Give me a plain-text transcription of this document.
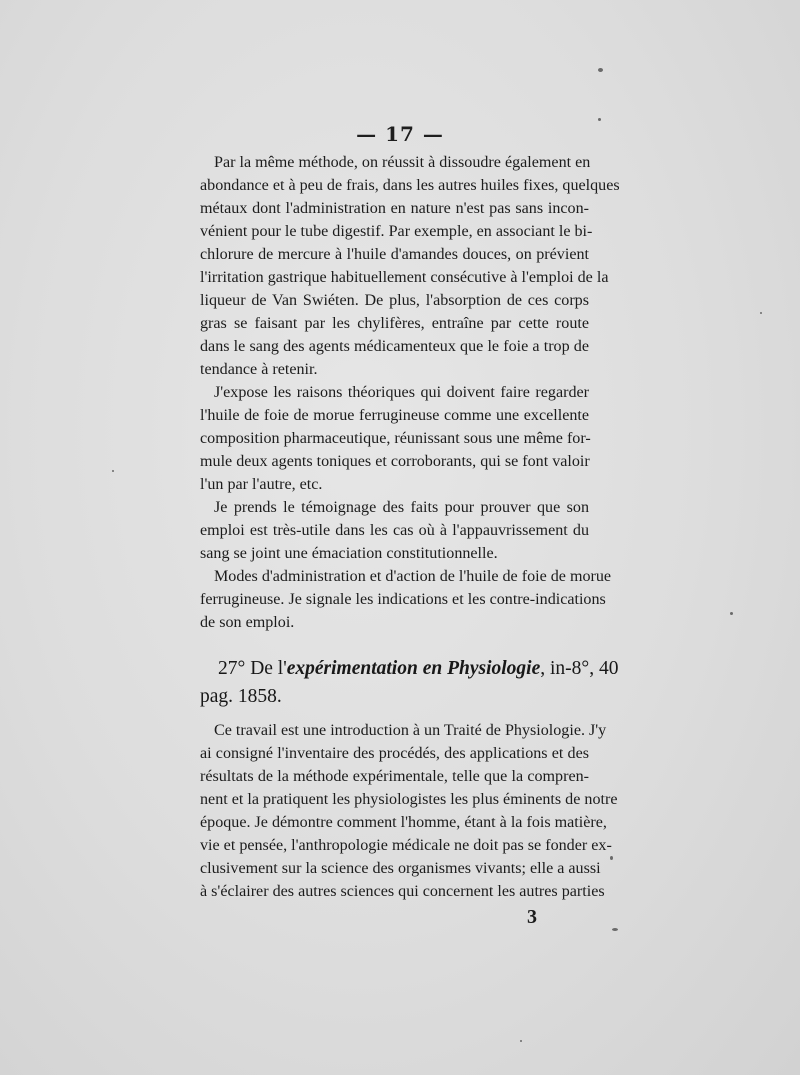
— 17 —
Par la même méthode, on réussit à dissoudre également en
abondance et à peu de frais, dans les autres huiles fixes, quelques
métaux dont l'administration en nature n'est pas sans incon-
vénient pour le tube digestif. Par exemple, en associant le bi-
chlorure de mercure à l'huile d'amandes douces, on prévient
l'irritation gastrique habituellement consécutive à l'emploi de la
liqueur de Van Swiéten. De plus, l'absorption de ces corps
gras se faisant par les chylifères, entraîne par cette route
dans le sang des agents médicamenteux que le foie a trop de
tendance à retenir.
J'expose les raisons théoriques qui doivent faire regarder
l'huile de foie de morue ferrugineuse comme une excellente
composition pharmaceutique, réunissant sous une même for-
mule deux agents toniques et corroborants, qui se font valoir
l'un par l'autre, etc.
Je prends le témoignage des faits pour prouver que son
emploi est très-utile dans les cas où à l'appauvrissement du
sang se joint une émaciation constitutionnelle.
Modes d'administration et d'action de l'huile de foie de morue
ferrugineuse. Je signale les indications et les contre-indications
de son emploi.
27° De l'expérimentation en Physiologie, in-8°, 40
pag. 1858.
Ce travail est une introduction à un Traité de Physiologie. J'y
ai consigné l'inventaire des procédés, des applications et des
résultats de la méthode expérimentale, telle que la compren-
nent et la pratiquent les physiologistes les plus éminents de notre
époque. Je démontre comment l'homme, étant à la fois matière,
vie et pensée, l'anthropologie médicale ne doit pas se fonder ex-
clusivement sur la science des organismes vivants; elle a aussi
à s'éclairer des autres sciences qui concernent les autres parties
3
